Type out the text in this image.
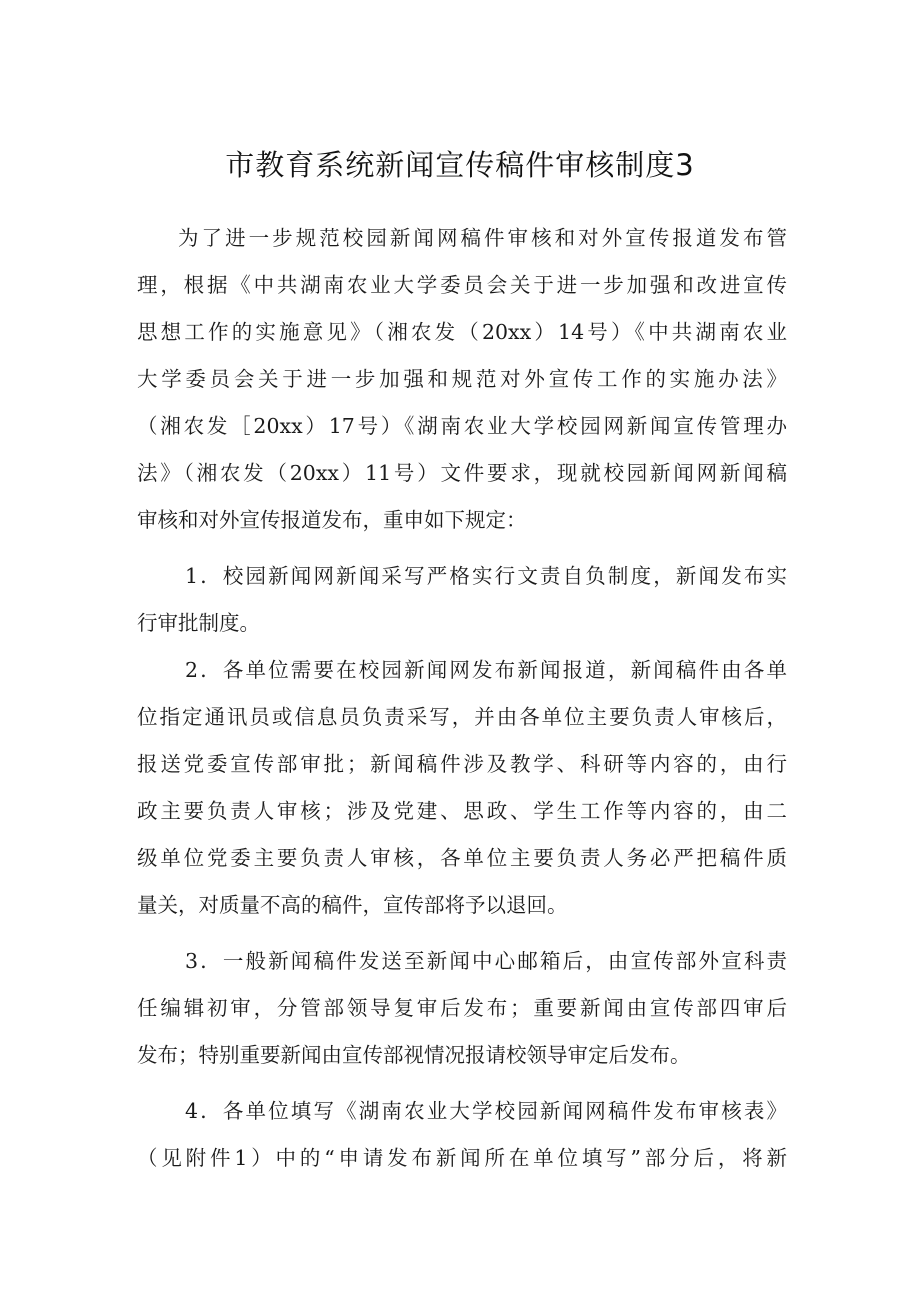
市教育系统新闻宣传稿件审核制度3

为了进一步规范校园新闻网稿件审核和对外宣传报道发布管

理，根据《中共湖南农业大学委员会关于进一步加强和改进宣传

思想工作的实施意见》（湘农发（20xx）14号）《中共湖南农业

大学委员会关于进一步加强和规范对外宣传工作的实施办法》

（湘农发［20xx）17号）《湖南农业大学校园网新闻宣传管理办

法》（湘农发（20xx）11号）文件要求，现就校园新闻网新闻稿

审核和对外宣传报道发布，重申如下规定：

1．校园新闻网新闻采写严格实行文责自负制度，新闻发布实

行审批制度。

2．各单位需要在校园新闻网发布新闻报道，新闻稿件由各单

位指定通讯员或信息员负责采写，并由各单位主要负责人审核后，

报送党委宣传部审批；新闻稿件涉及教学、科研等内容的，由行

政主要负责人审核；涉及党建、思政、学生工作等内容的，由二

级单位党委主要负责人审核，各单位主要负责人务必严把稿件质

量关，对质量不高的稿件，宣传部将予以退回。

3．一般新闻稿件发送至新闻中心邮箱后，由宣传部外宣科责

任编辑初审，分管部领导复审后发布；重要新闻由宣传部四审后

发布；特别重要新闻由宣传部视情况报请校领导审定后发布。

4．各单位填写《湖南农业大学校园新闻网稿件发布审核表》

（见附件1）中的“申请发布新闻所在单位填写”部分后，将新
